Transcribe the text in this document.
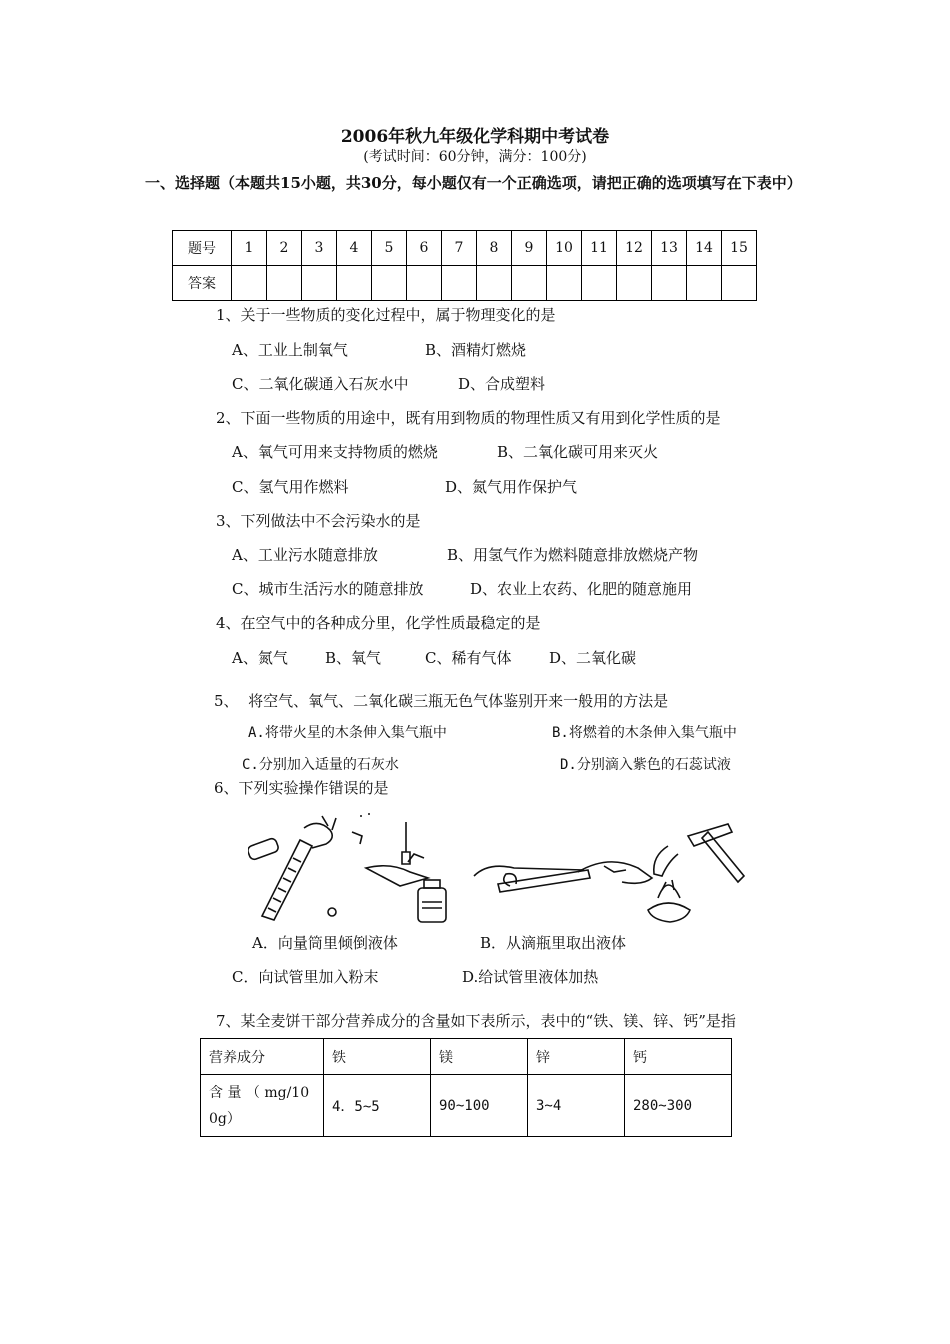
2006年秋九年级化学科期中考试卷
(考试时间：60分钟，满分：100分)
一、选择题（本题共15小题，共30分，每小题仅有一个正确选项，请把正确的选项填写在下表中）
题号	1	2	3	4	5	6	7	8	9	10	11	12	13	14	15
答案															
1、关于一些物质的变化过程中，属于物理变化的是
A、工业上制氧气	B、酒精灯燃烧
C、二氧化碳通入石灰水中	D、合成塑料
2、下面一些物质的用途中，既有用到物质的物理性质又有用到化学性质的是
A、氧气可用来支持物质的燃烧	B、二氧化碳可用来灭火
C、氢气用作燃料	D、氮气用作保护气
3、下列做法中不会污染水的是
A、工业污水随意排放	B、用氢气作为燃料随意排放燃烧产物
C、城市生活污水的随意排放	D、农业上农药、化肥的随意施用
4、在空气中的各种成分里，化学性质最稳定的是
A、氮气 B、氧气	C、稀有气体	D、二氧化碳
5、  将空气、氧气、二氧化碳三瓶无色气体鉴别开来一般用的方法是
A.将带火星的木条伸入集气瓶中	B.将燃着的木条伸入集气瓶中
C.分别加入适量的石灰水	D.分别滴入紫色的石蕊试液
6、下列实验操作错误的是
A．向量筒里倾倒液体	B．从滴瓶里取出液体
C．向试管里加入粉末	D.给试管里液体加热
7、某全麦饼干部分营养成分的含量如下表所示，表中的“铁、镁、锌、钙”是指
营养成分	铁	镁	锌	钙
含 量 （ mg/100g）	4．5~5	90~100	3~4	280~300
